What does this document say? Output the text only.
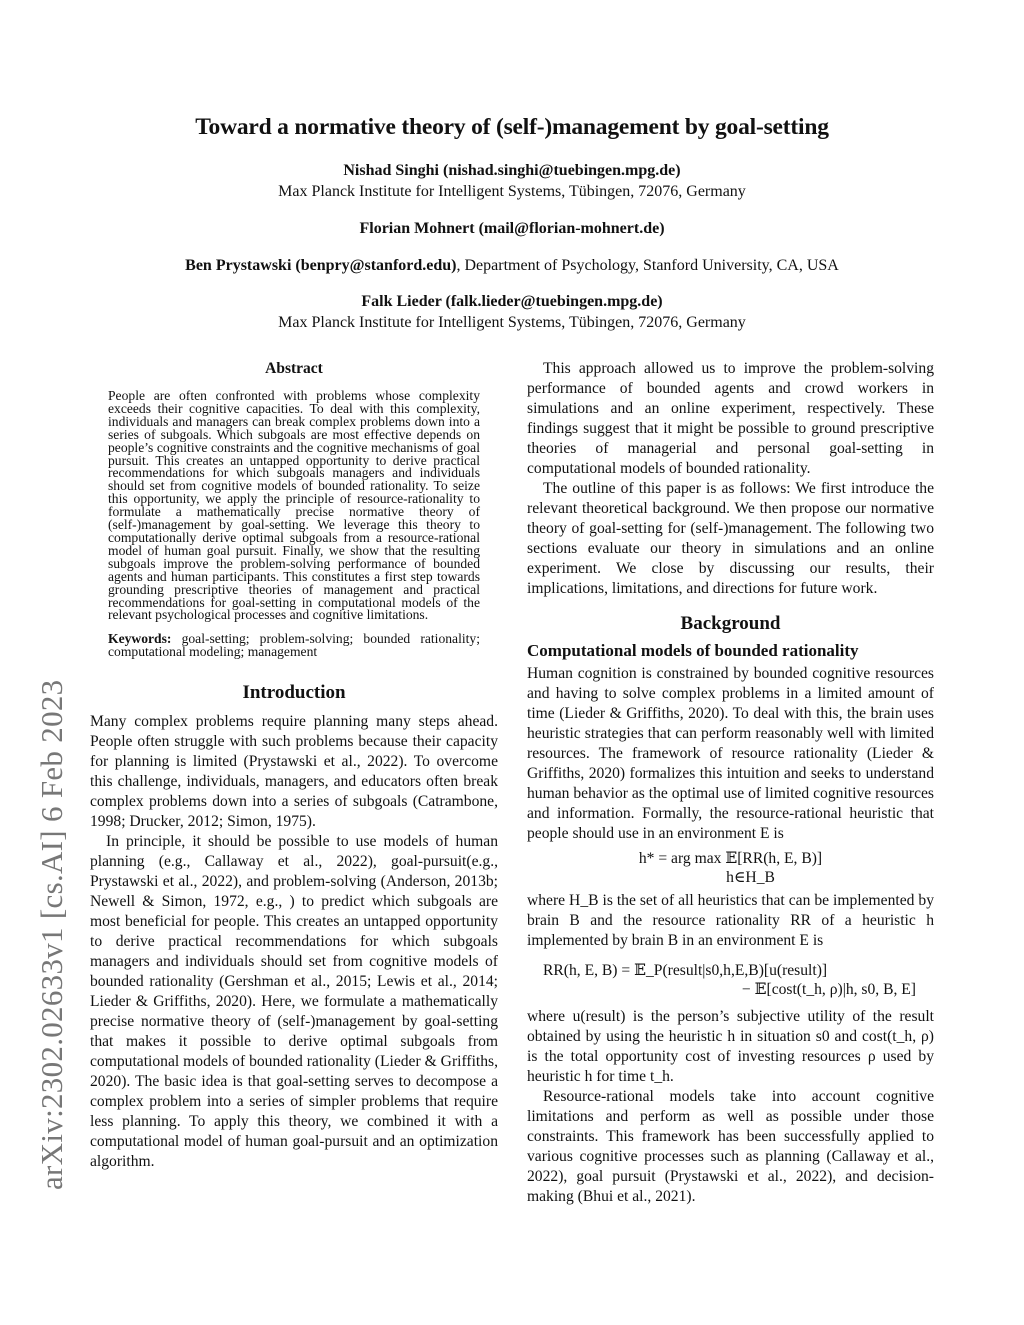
Toward a normative theory of (self-)management by goal-setting
Nishad Singhi (nishad.singhi@tuebingen.mpg.de)
Max Planck Institute for Intelligent Systems, Tübingen, 72076, Germany
Florian Mohnert (mail@florian-mohnert.de)
Ben Prystawski (benpry@stanford.edu), Department of Psychology, Stanford University, CA, USA
Falk Lieder (falk.lieder@tuebingen.mpg.de)
Max Planck Institute for Intelligent Systems, Tübingen, 72076, Germany
arXiv:2302.02633v1 [cs.AI] 6 Feb 2023
Abstract

People are often confronted with problems whose complexity exceeds their cognitive capacities. To deal with this complexity, individuals and managers can break complex problems down into a series of subgoals. Which subgoals are most effective depends on people’s cognitive constraints and the cognitive mechanisms of goal pursuit. This creates an untapped opportunity to derive practical recommendations for which subgoals managers and individuals should set from cognitive models of bounded rationality. To seize this opportunity, we apply the principle of resource-rationality to formulate a mathematically precise normative theory of (self-)management by goal-setting. We leverage this theory to computationally derive optimal subgoals from a resource-rational model of human goal pursuit. Finally, we show that the resulting subgoals improve the problem-solving performance of bounded agents and human participants. This constitutes a first step towards grounding prescriptive theories of management and practical recommendations for goal-setting in computational models of the relevant psychological processes and cognitive limitations.

Keywords: goal-setting; problem-solving; bounded rationality; computational modeling; management

Introduction

Many complex problems require planning many steps ahead. People often struggle with such problems because their capacity for planning is limited (Prystawski et al., 2022). To overcome this challenge, individuals, managers, and educators often break complex problems down into a series of subgoals (Catrambone, 1998; Drucker, 2012; Simon, 1975).

In principle, it should be possible to use models of human planning (e.g., Callaway et al., 2022), goal-pursuit(e.g., Prystawski et al., 2022), and problem-solving (Anderson, 2013b; Newell & Simon, 1972, e.g., ) to predict which subgoals are most beneficial for people. This creates an untapped opportunity to derive practical recommendations for which subgoals managers and individuals should set from cognitive models of bounded rationality (Gershman et al., 2015; Lewis et al., 2014; Lieder & Griffiths, 2020). Here, we formulate a mathematically precise normative theory of (self-)management by goal-setting that makes it possible to derive optimal subgoals from computational models of bounded rationality (Lieder & Griffiths, 2020). The basic idea is that goal-setting serves to decompose a complex problem into a series of simpler problems that require less planning. To apply this theory, we combined it with a computational model of human goal-pursuit and an optimization algorithm.

This approach allowed us to improve the problem-solving performance of bounded agents and crowd workers in simulations and an online experiment, respectively. These findings suggest that it might be possible to ground prescriptive theories of managerial and personal goal-setting in computational models of bounded rationality.

The outline of this paper is as follows: We first introduce the relevant theoretical background. We then propose our normative theory of goal-setting for (self-)management. The following two sections evaluate our theory in simulations and an online experiment. We close by discussing our results, their implications, limitations, and directions for future work.

Background
Computational models of bounded rationality

Human cognition is constrained by bounded cognitive resources and having to solve complex problems in a limited amount of time (Lieder & Griffiths, 2020). To deal with this, the brain uses heuristic strategies that can perform reasonably well with limited resources. The framework of resource rationality (Lieder & Griffiths, 2020) formalizes this intuition and seeks to understand human behavior as the optimal use of limited cognitive resources and information. Formally, the resource-rational heuristic that people should use in an environment E is

h* = arg max 𝔼[RR(h, E, B)]
h∈H_B

where H_B is the set of all heuristics that can be implemented by brain B and the resource rationality RR of a heuristic h implemented by brain B in an environment E is

RR(h, E, B) = 𝔼_P(result|s0,h,E,B)[u(result)]
− 𝔼[cost(t_h, ρ)|h, s0, B, E]

where u(result) is the person’s subjective utility of the result obtained by using the heuristic h in situation s0 and cost(t_h, ρ) is the total opportunity cost of investing resources ρ used by heuristic h for time t_h.

Resource-rational models take into account cognitive limitations and perform as well as possible under those constraints. This framework has been successfully applied to various cognitive processes such as planning (Callaway et al., 2022), goal pursuit (Prystawski et al., 2022), and decision-making (Bhui et al., 2021).
